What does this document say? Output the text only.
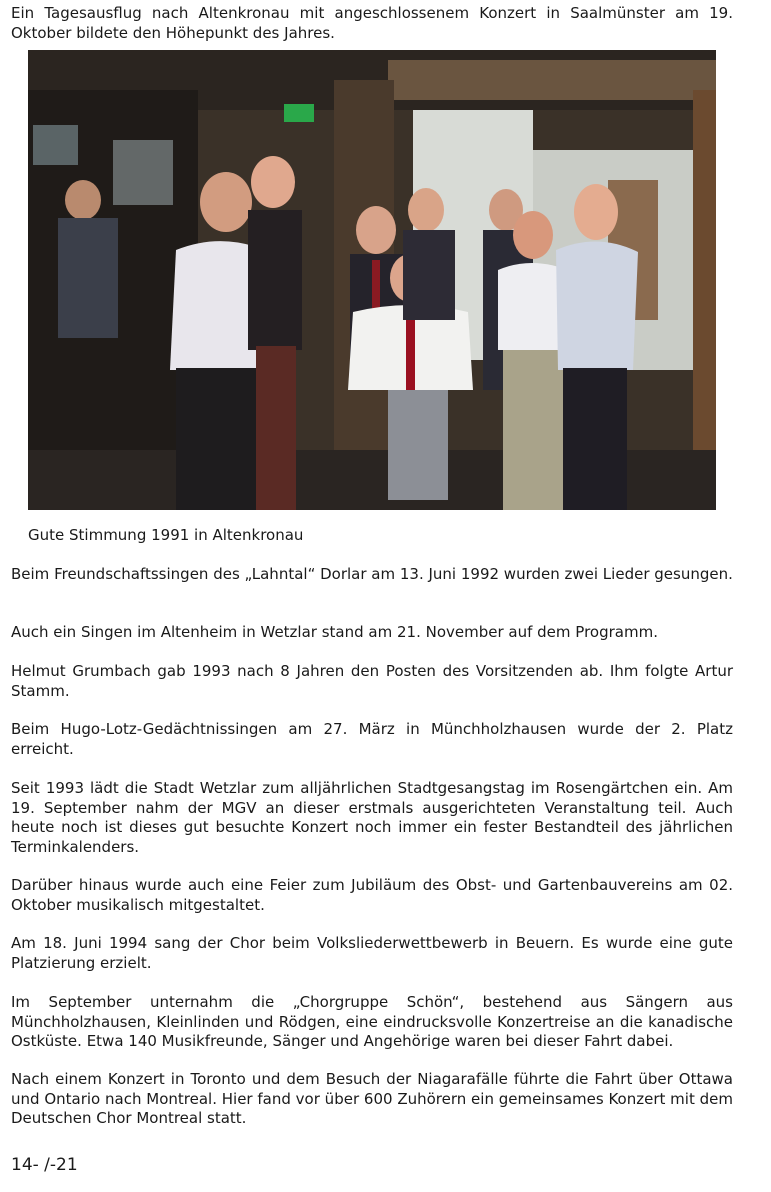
Ein Tagesausflug nach Altenkronau mit angeschlossenem Konzert in Saalmünster am 19. Oktober bildete den Höhepunkt des Jahres.

Gute Stimmung 1991 in Altenkronau

Beim Freundschaftssingen des „Lahntal“ Dorlar am 13. Juni 1992 wurden zwei Lieder gesungen.

Auch ein Singen im Altenheim in Wetzlar stand am 21. November auf dem Programm.

Helmut Grumbach gab 1993 nach 8 Jahren den Posten des Vorsitzenden ab. Ihm folgte Artur Stamm.

Beim Hugo-Lotz-Gedächtnissingen am 27. März in Münchholzhausen wurde der 2. Platz erreicht.

Seit 1993 lädt die Stadt Wetzlar zum alljährlichen Stadtgesangstag im Rosengärtchen ein. Am 19. September nahm der MGV an dieser erstmals ausgerichteten Veranstaltung teil. Auch heute noch ist dieses gut besuchte Konzert noch immer ein fester Bestandteil des jährlichen Terminkalenders.

Darüber hinaus wurde auch eine Feier zum Jubiläum des Obst- und Gartenbauvereins am 02. Oktober musikalisch mitgestaltet.

Am 18. Juni 1994 sang der Chor beim Volksliederwettbewerb in Beuern. Es wurde eine gute Platzierung erzielt.

Im September unternahm die „Chorgruppe Schön“, bestehend aus Sängern aus Münchholzhausen, Kleinlinden und Rödgen, eine eindrucksvolle Konzertreise an die kanadische Ostküste. Etwa 140 Musikfreunde, Sänger und Angehörige waren bei dieser Fahrt dabei.

Nach einem Konzert in Toronto und dem Besuch der Niagarafälle führte die Fahrt über Ottawa und Ontario nach Montreal. Hier fand vor über 600 Zuhörern ein gemeinsames Konzert mit dem Deutschen Chor Montreal statt.

14- /-21
